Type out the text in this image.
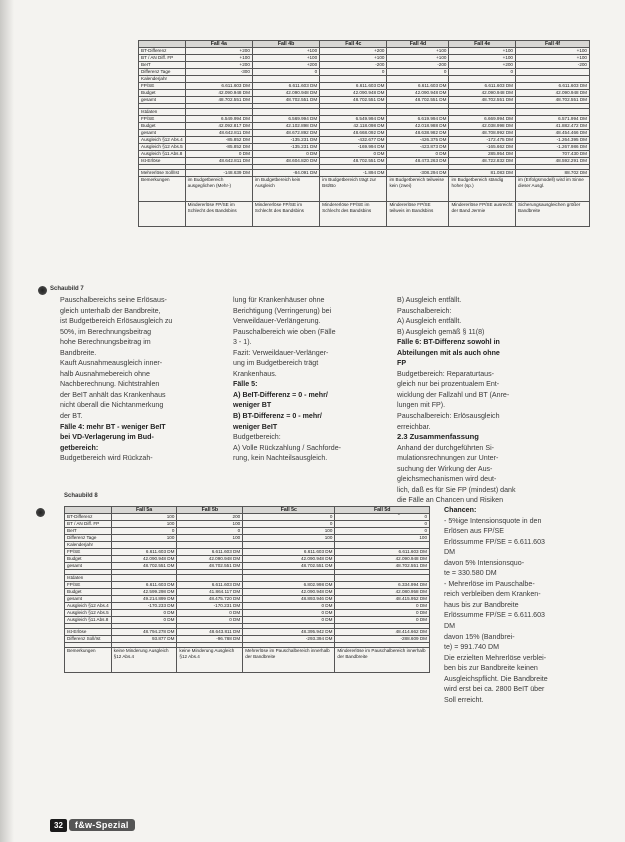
	Fall 4a	Fall 4b	Fall 4c	Fall 4d	Fall 4e	Fall 4f
BT-Differenz	+200	+100	+200	+100	+100	+100
BT / AN Diff. FP	+100	+100	+100	+100	+100	+100
BeIT	+200	+200	-200	-200	+200	-200
Differenz Tage	-300	0	0	0	0	
Kalenderjahr						
FP/SE	6.611.603 DM	6.611.603 DM	6.611.603 DM	6.611.603 DM	6.611.603 DM	6.611.603 DM
Budget	42.090.948 DM	42.090.948 DM	42.090.948 DM	42.090.948 DM	42.090.948 DM	42.090.948 DM
gesamt	48.702.551 DM	48.702.551 DM	48.702.551 DM	48.702.551 DM	48.702.551 DM	48.702.551 DM

Istdaten						
FP/SE	6.549.994 DM	6.569.994 DM	6.549.994 DM	6.619.994 DM	6.669.994 DM	6.571.994 DM
Budget	42.092.817 DM	42.102.898 DM	42.118.098 DM	42.018.988 DM	42.038.998 DM	41.882.472 DM
gesamt	48.642.811 DM	48.672.892 DM	48.668.092 DM	48.638.982 DM	48.708.992 DM	48.454.466 DM
Ausgleich §12 Abs.4	-85.852 DM	-135.231 DM	-432.677 DM	-426.375 DM	-172.475 DM	-1.264.395 DM
Ausgleich §12 Abs.5	-85.852 DM	-135.231 DM	-169.994 DM	-423.873 DM	-165.662 DM	-1.267.986 DM
Ausgleich §11 Abs.8	0 DM	0 DM	0 DM	0 DM	285.954 DM	707.430 DM
Ist-Erlöse	48.642.811 DM	48.604.820 DM	48.702.551 DM	48.473.263 DM	48.722.832 DM	48.592.291 DM

Mehrerlöse Soll/Ist	-148.639 DM	-84.091 DM	-1.894 DM	-308.294 DM	81.083 DM	88.702 DM
Bemerkungen	im Budgetbereich ausgeglichen (Mehr-)	im Budgetbereich kein Ausgleich	im Budgetbereich trägt zur Bst/Bo	im Budgetbereich teilweise kein (zwei)	im Budgetbereich ständig hoher (sp.)	im (Erfolgsmodell) wird im Sinne dieser Ausgl.
	Mindererlöse FP/SE im Schlecht des Bandsbins	Mindererlöse FP/SE im Schlecht des Bandsbins	Mindererlöse FP/SE im Schlecht des Bandsbins	Mindererlöse FP/SE teilweis im Bandsbins	Mindererlöse FP/SE ausreicht der Band Jermie	Sicherungsausgleichen größer Bandbreite
Schaubild 7

Pauschalbereichs seine Erlösaus-

gleich unterhalb der Bandbreite,

ist Budgetbereich Erlösausgleich zu

50%, im Berechnungsbeitrag

hohe Berechnungsbeitrag im

Bandbreite.

Kauft Ausnahmeausgleich inner-

halb Ausnahmebereich ohne

Nachberechnung. Nichtstrahlen

der BeIT anhält das Krankenhaus

nicht überall die Nichtanmerkung

der BT.

Fälle 4: mehr BT - weniger BeIT

bei VD-Verlagerung im Bud-

getbereich:

Budgetbereich wird Rückzah-

lung für Krankenhäuser ohne

Berichtigung (Verringerung) bei

Verweildauer-Verlängerung.

Pauschalbereich wie oben (Fälle

3 - 1).

Fazit: Verweildauer-Verlänger-

ung im Budgetbereich trägt

Krankenhaus.

Fälle 5:

A) BeIT-Differenz = 0 - mehr/

weniger BT

B) BT-Differenz = 0 - mehr/

weniger BeIT

Budgetbereich:

A) Volle Rückzahlung / Sachforde-

rung, kein Nachteilsausgleich.

B) Ausgleich entfällt.

Pauschalbereich:

A) Ausgleich entfällt.

B) Ausgleich gemäß § 11(8)

Fälle 6: BT-Differenz sowohl in

Abteilungen mit als auch ohne

FP

Budgetbereich: Reparaturtaus-

gleich nur bei prozentualem Ent-

wicklung der Fallzahl und BT (Anre-

lungen mit FP).

Pauschalbereich: Erlösausgleich

erreichbar.

2.3 Zusammenfassung

Anhand der durchgeführten Si-

mulationsrechnungen zur Unter-

suchung der Wirkung der Aus-

gleichsmechanismen wird deut-

lich, daß es für Sie FP (mindest) dank

die Fälle an Chancen und Risiken

Schaubild 8
	Fall 5a	Fall 5b	Fall 5c	Fall 5d
BT-Differenz	100	200	0	0
BT / AN Diff. FP	100	100	0	0
BeIT	0	0	100	0
Differenz Tage	100	100	100	100
Kalenderjahr				
FP/SE	6.611.603 DM	6.611.603 DM	6.611.603 DM	6.611.603 DM
Budget	42.090.948 DM	42.090.948 DM	42.090.948 DM	42.090.948 DM
gesamt	48.702.551 DM	48.702.551 DM	48.702.551 DM	48.702.551 DM

Istdaten				
FP/SE	6.611.603 DM	6.611.603 DM	6.802.998 DM	6.334.994 DM
Budget	42.599.298 DM	41.864.117 DM	42.090.948 DM	42.080.958 DM
gesamt	49.214.899 DM	48.475.720 DM	48.893.946 DM	48.415.952 DM
Ausgleich §12 Abs.4	-170.233 DM	-170.231 DM	0 DM	0 DM
Ausgleich §12 Abs.5	0 DM	0 DM	0 DM	0 DM
Ausgleich §11 Abs.8	0 DM	0 DM	0 DM	0 DM

Ist-Erlöse	48.794.278 DM	48.643.811 DM	48.395.942 DM	48.414.662 DM
Differenz Soll/Ist	93.877 DM	-96.788 DM	-293.394 DM	-288.609 DM

Bemerkungen	keine Minderung Ausgleich §12 Abs.4	keine Minderung Ausgleich §12 Abs.4	Mehrerlöse im Pauschalbereich innerhalb der Bandbreite	Mindererlöse im Pauschalbereich innerhalb der Bandbreite

Chancen:

- 5%ige Intensionsquote in den

Erlösen aus FP/SE

Erlössumme FP/SE = 6.611.603

DM

davon 5% Intensionsquo-

te = 330.580 DM

- Mehrerlöse im Pauschalbe-

reich verbleiben dem Kranken-

haus bis zur Bandbreite

Erlössumme FP/SE = 6.611.603

DM

davon 15% (Bandbrei-

te) = 991.740 DM

Die erzielten Mehrerlöse verblei-

ben bis zur Bandbreite keinen

Ausgleichspflicht. Die Bandbreite

wird erst bei ca. 2800 BeIT über

Soll erreicht.

32	f&w-Spezial
